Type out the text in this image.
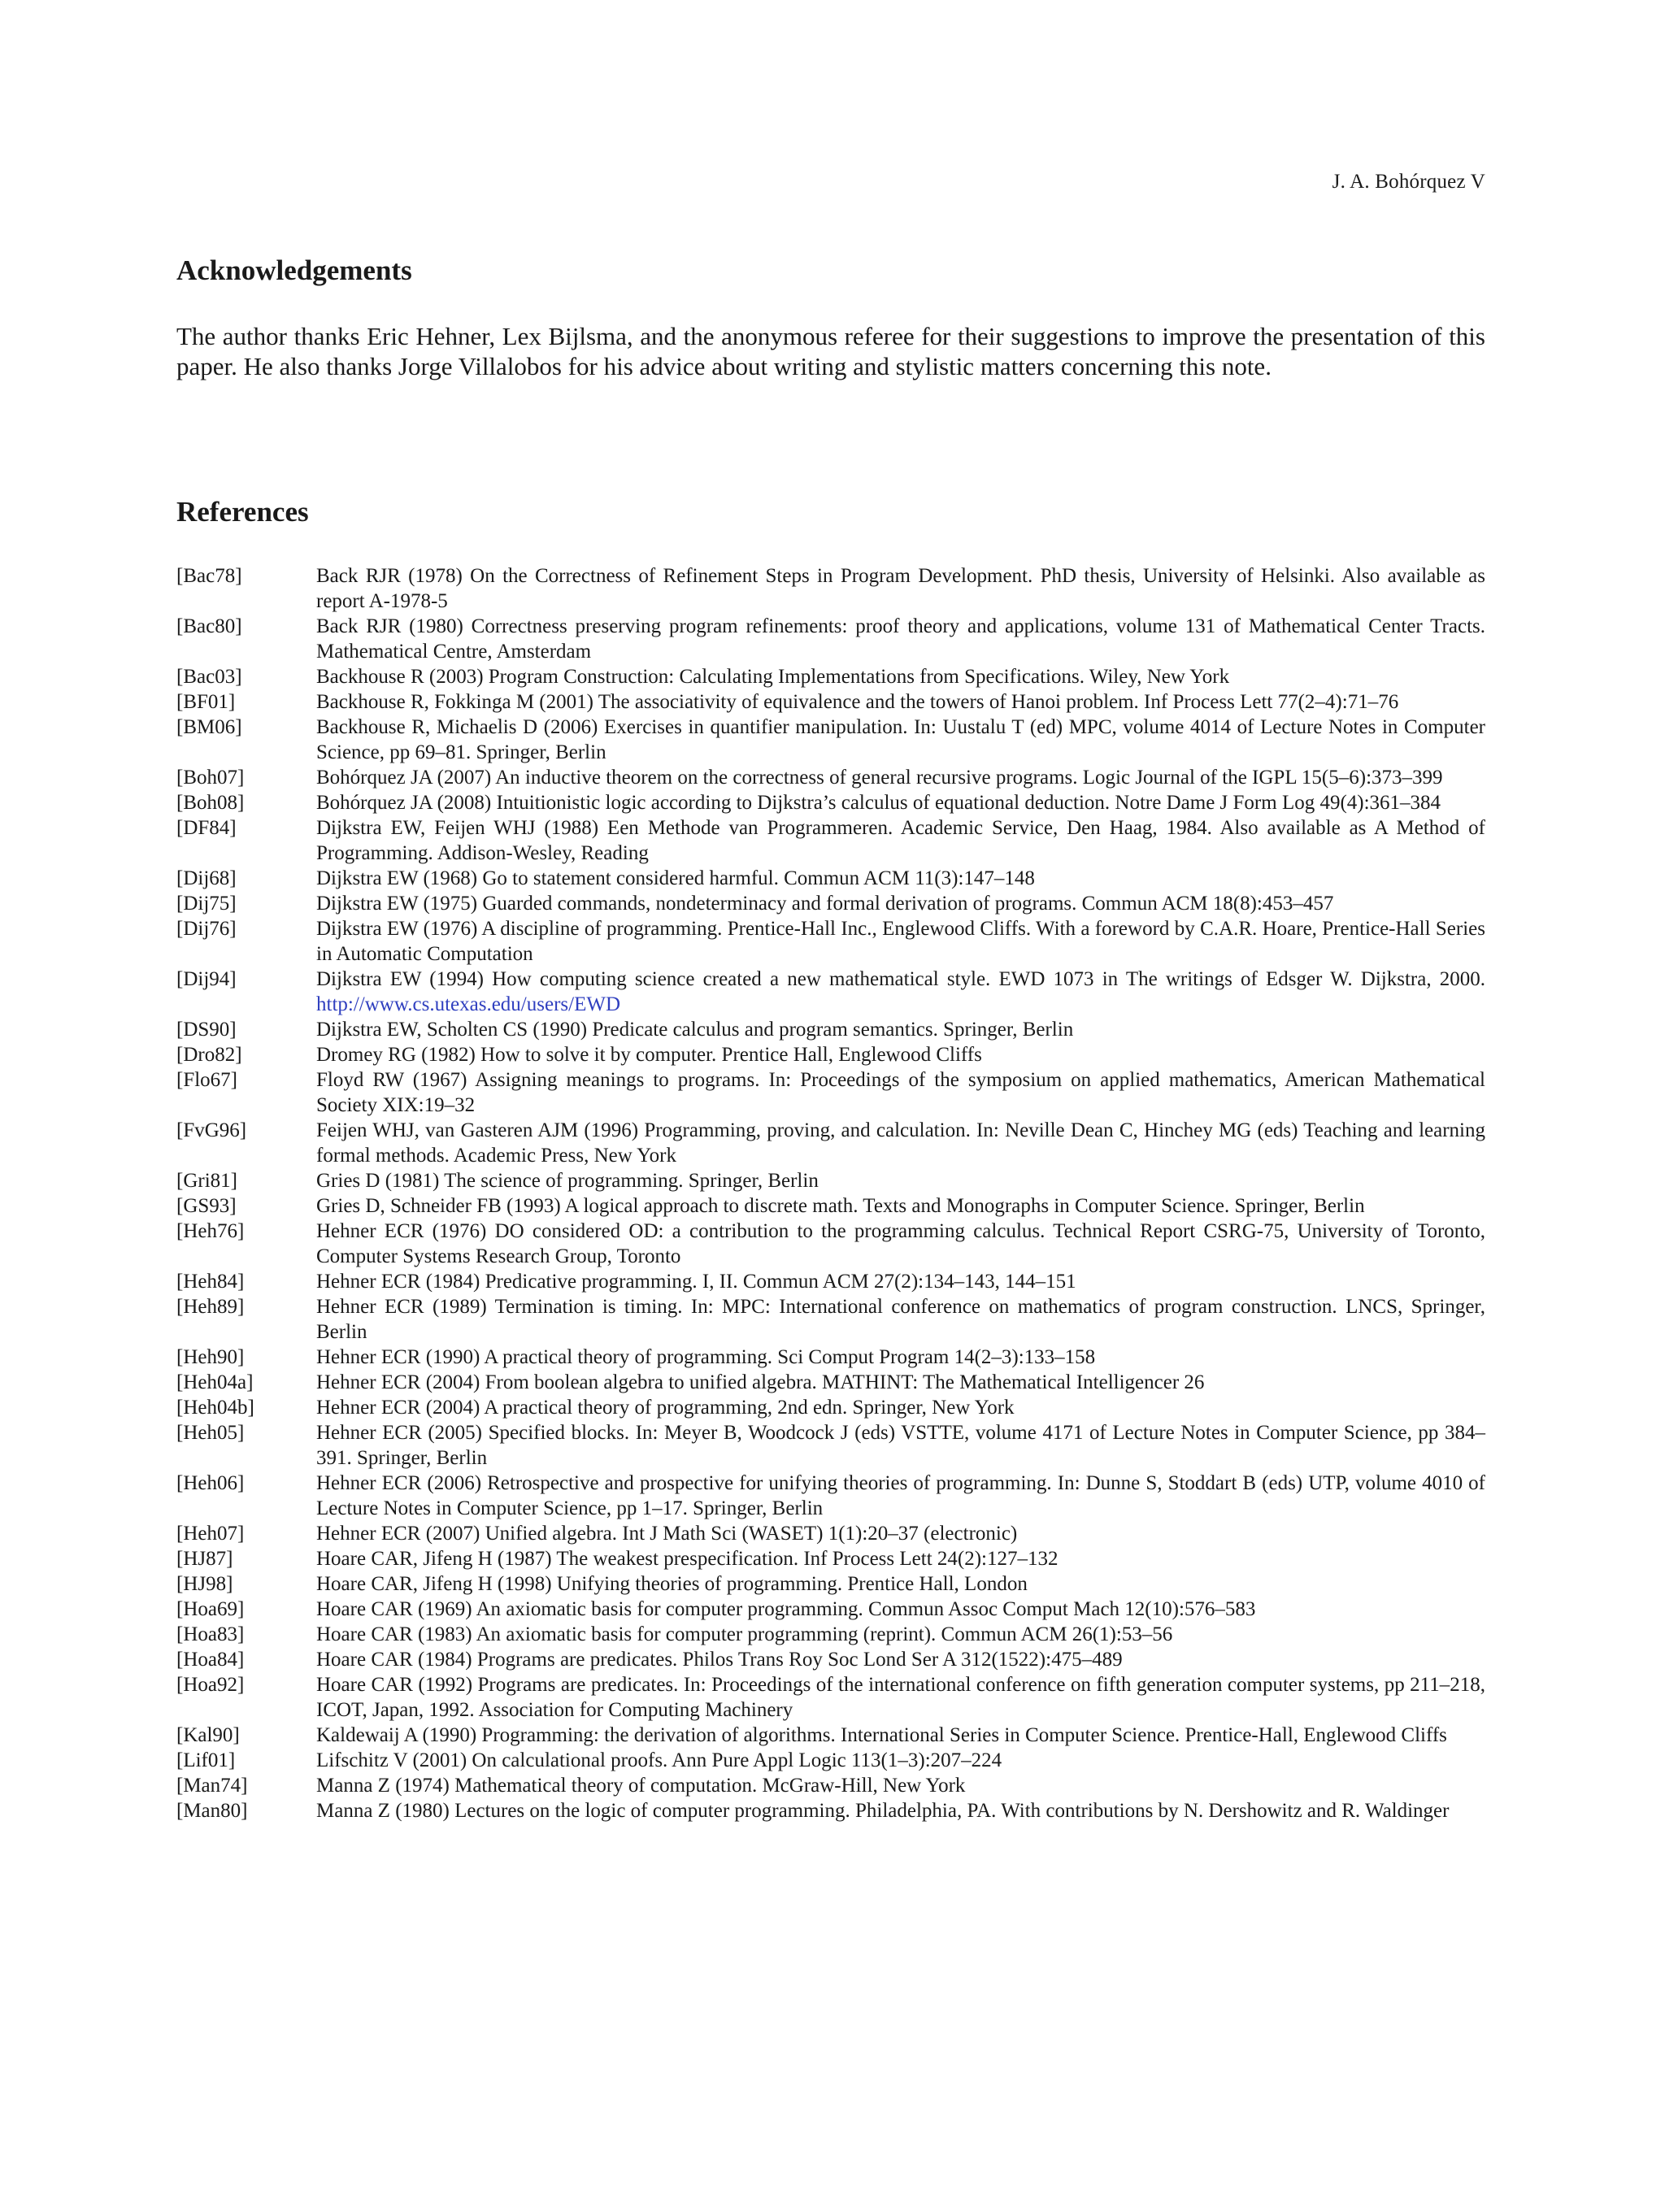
J. A. Bohórquez V
Acknowledgements

The author thanks Eric Hehner, Lex Bijlsma, and the anonymous referee for their suggestions to improve the presentation of this paper. He also thanks Jorge Villalobos for his advice about writing and stylistic matters concerning this note.

References
[Bac78]	Back RJR (1978) On the Correctness of Refinement Steps in Program Development. PhD thesis, University of Helsinki. Also available as report A-1978-5
[Bac80]	Back RJR (1980) Correctness preserving program refinements: proof theory and applications, volume 131 of Mathematical Center Tracts. Mathematical Centre, Amsterdam
[Bac03]	Backhouse R (2003) Program Construction: Calculating Implementations from Specifications. Wiley, New York
[BF01]	Backhouse R, Fokkinga M (2001) The associativity of equivalence and the towers of Hanoi problem. Inf Process Lett 77(2–4):71–76
[BM06]	Backhouse R, Michaelis D (2006) Exercises in quantifier manipulation. In: Uustalu T (ed) MPC, volume 4014 of Lecture Notes in Computer Science, pp 69–81. Springer, Berlin
[Boh07]	Bohórquez JA (2007) An inductive theorem on the correctness of general recursive programs. Logic Journal of the IGPL 15(5–6):373–399
[Boh08]	Bohórquez JA (2008) Intuitionistic logic according to Dijkstra’s calculus of equational deduction. Notre Dame J Form Log 49(4):361–384
[DF84]	Dijkstra EW, Feijen WHJ (1988) Een Methode van Programmeren. Academic Service, Den Haag, 1984. Also available as A Method of Programming. Addison-Wesley, Reading
[Dij68]	Dijkstra EW (1968) Go to statement considered harmful. Commun ACM 11(3):147–148
[Dij75]	Dijkstra EW (1975) Guarded commands, nondeterminacy and formal derivation of programs. Commun ACM 18(8):453–457
[Dij76]	Dijkstra EW (1976) A discipline of programming. Prentice-Hall Inc., Englewood Cliffs. With a foreword by C.A.R. Hoare, Prentice-Hall Series in Automatic Computation
[Dij94]	Dijkstra EW (1994) How computing science created a new mathematical style. EWD 1073 in The writings of Edsger W. Dijkstra, 2000. http://www.cs.utexas.edu/users/EWD
[DS90]	Dijkstra EW, Scholten CS (1990) Predicate calculus and program semantics. Springer, Berlin
[Dro82]	Dromey RG (1982) How to solve it by computer. Prentice Hall, Englewood Cliffs
[Flo67]	Floyd RW (1967) Assigning meanings to programs. In: Proceedings of the symposium on applied mathematics, American Mathematical Society XIX:19–32
[FvG96]	Feijen WHJ, van Gasteren AJM (1996) Programming, proving, and calculation. In: Neville Dean C, Hinchey MG (eds) Teaching and learning formal methods. Academic Press, New York
[Gri81]	Gries D (1981) The science of programming. Springer, Berlin
[GS93]	Gries D, Schneider FB (1993) A logical approach to discrete math. Texts and Monographs in Computer Science. Springer, Berlin
[Heh76]	Hehner ECR (1976) DO considered OD: a contribution to the programming calculus. Technical Report CSRG-75, University of Toronto, Computer Systems Research Group, Toronto
[Heh84]	Hehner ECR (1984) Predicative programming. I, II. Commun ACM 27(2):134–143, 144–151
[Heh89]	Hehner ECR (1989) Termination is timing. In: MPC: International conference on mathematics of program construction. LNCS, Springer, Berlin
[Heh90]	Hehner ECR (1990) A practical theory of programming. Sci Comput Program 14(2–3):133–158
[Heh04a]	Hehner ECR (2004) From boolean algebra to unified algebra. MATHINT: The Mathematical Intelligencer 26
[Heh04b]	Hehner ECR (2004) A practical theory of programming, 2nd edn. Springer, New York
[Heh05]	Hehner ECR (2005) Specified blocks. In: Meyer B, Woodcock J (eds) VSTTE, volume 4171 of Lecture Notes in Computer Science, pp 384–391. Springer, Berlin
[Heh06]	Hehner ECR (2006) Retrospective and prospective for unifying theories of programming. In: Dunne S, Stoddart B (eds) UTP, volume 4010 of Lecture Notes in Computer Science, pp 1–17. Springer, Berlin
[Heh07]	Hehner ECR (2007) Unified algebra. Int J Math Sci (WASET) 1(1):20–37 (electronic)
[HJ87]	Hoare CAR, Jifeng H (1987) The weakest prespecification. Inf Process Lett 24(2):127–132
[HJ98]	Hoare CAR, Jifeng H (1998) Unifying theories of programming. Prentice Hall, London
[Hoa69]	Hoare CAR (1969) An axiomatic basis for computer programming. Commun Assoc Comput Mach 12(10):576–583
[Hoa83]	Hoare CAR (1983) An axiomatic basis for computer programming (reprint). Commun ACM 26(1):53–56
[Hoa84]	Hoare CAR (1984) Programs are predicates. Philos Trans Roy Soc Lond Ser A 312(1522):475–489
[Hoa92]	Hoare CAR (1992) Programs are predicates. In: Proceedings of the international conference on fifth generation computer systems, pp 211–218, ICOT, Japan, 1992. Association for Computing Machinery
[Kal90]	Kaldewaij A (1990) Programming: the derivation of algorithms. International Series in Computer Science. Prentice-Hall, Englewood Cliffs
[Lif01]	Lifschitz V (2001) On calculational proofs. Ann Pure Appl Logic 113(1–3):207–224
[Man74]	Manna Z (1974) Mathematical theory of computation. McGraw-Hill, New York
[Man80]	Manna Z (1980) Lectures on the logic of computer programming. Philadelphia, PA. With contributions by N. Dershowitz and R. Waldinger
